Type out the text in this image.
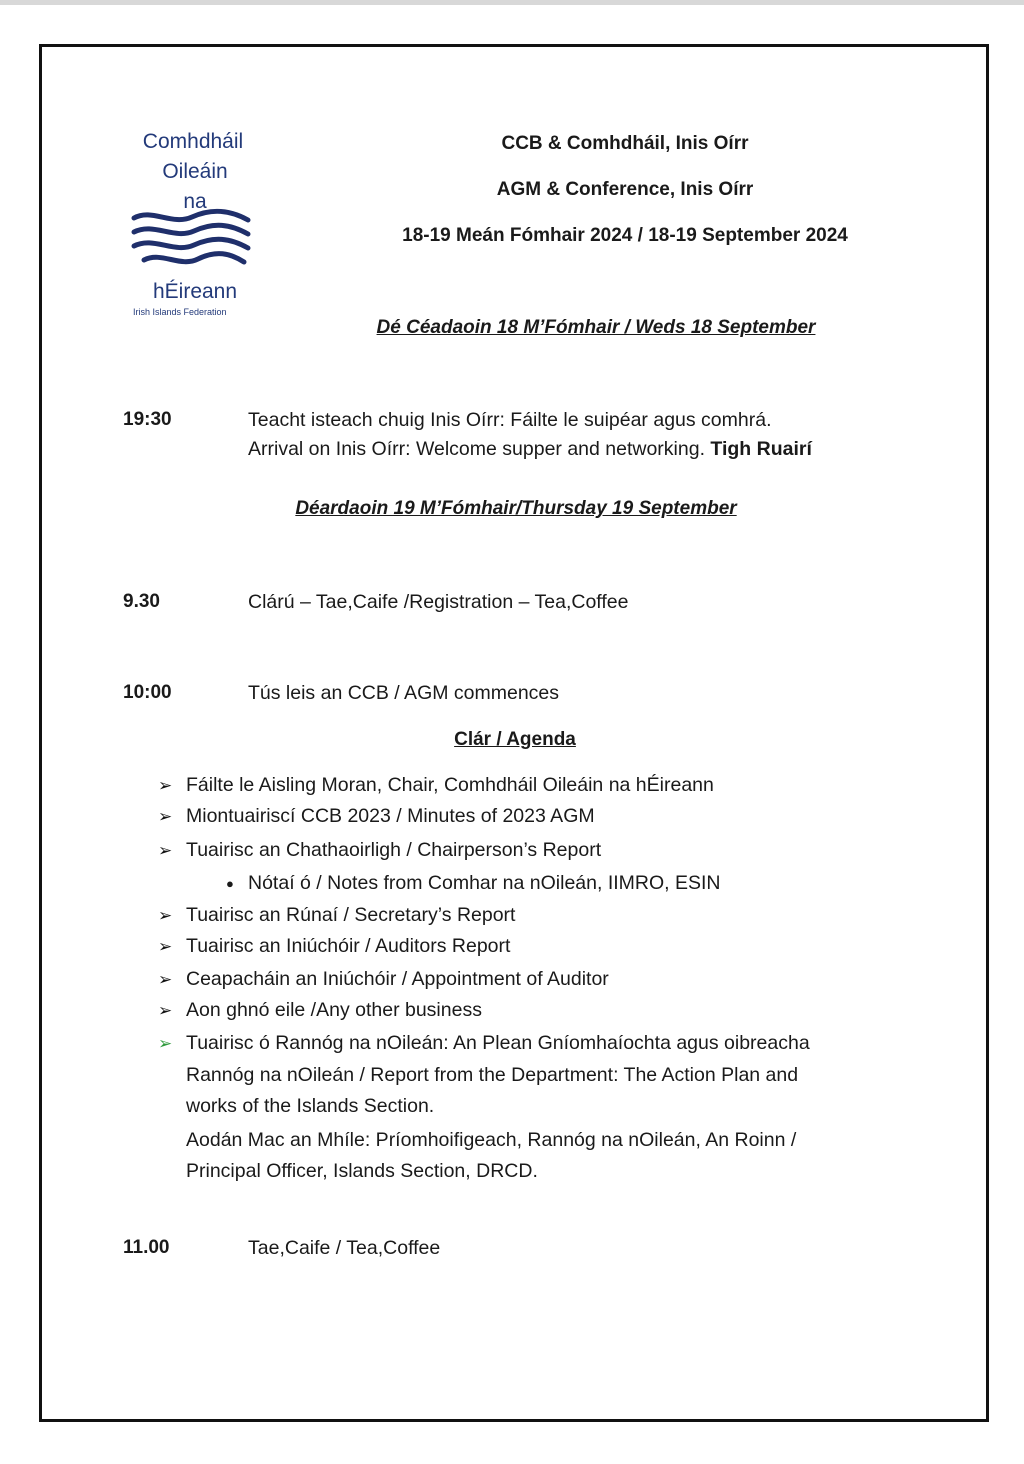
Comhdháil
Oileáin
na
hÉireann
Irish Islands Federation
CCB & Comhdháil, Inis Oírr
AGM & Conference, Inis Oírr
18-19 Meán Fómhair 2024 / 18-19 September 2024
Dé Céadaoin 18 M’Fómhair / Weds 18 September
19:30	Teacht isteach chuig Inis Oírr: Fáilte le suipéar agus comhrá.
Arrival on Inis Oírr: Welcome supper and networking. Tigh Ruairí
Déardaoin 19 M’Fómhair/Thursday 19 September
9.30	Clárú – Tae,Caife /Registration – Tea,Coffee
10:00	Tús leis an CCB / AGM commences
Clár / Agenda
➢ Fáilte le Aisling Moran, Chair, Comhdháil Oileáin na hÉireann
➢ Miontuairiscí CCB 2023 / Minutes of 2023 AGM
➢ Tuairisc an Chathaoirligh / Chairperson’s Report
● Nótaí ó / Notes from Comhar na nOileán, IIMRO, ESIN
➢ Tuairisc an Rúnaí / Secretary’s Report
➢ Tuairisc an Iniúchóir / Auditors Report
➢ Ceapacháin an Iniúchóir / Appointment of Auditor
➢ Aon ghnó eile /Any other business
➢ Tuairisc ó Rannóg na nOileán: An Plean Gníomhaíochta agus oibreacha
Rannóg na nOileán / Report from the Department: The Action Plan and
works of the Islands Section.
Aodán Mac an Mhíle: Príomhoifigeach, Rannóg na nOileán, An Roinn /
Principal Officer, Islands Section, DRCD.
11.00	Tae,Caife / Tea,Coffee
